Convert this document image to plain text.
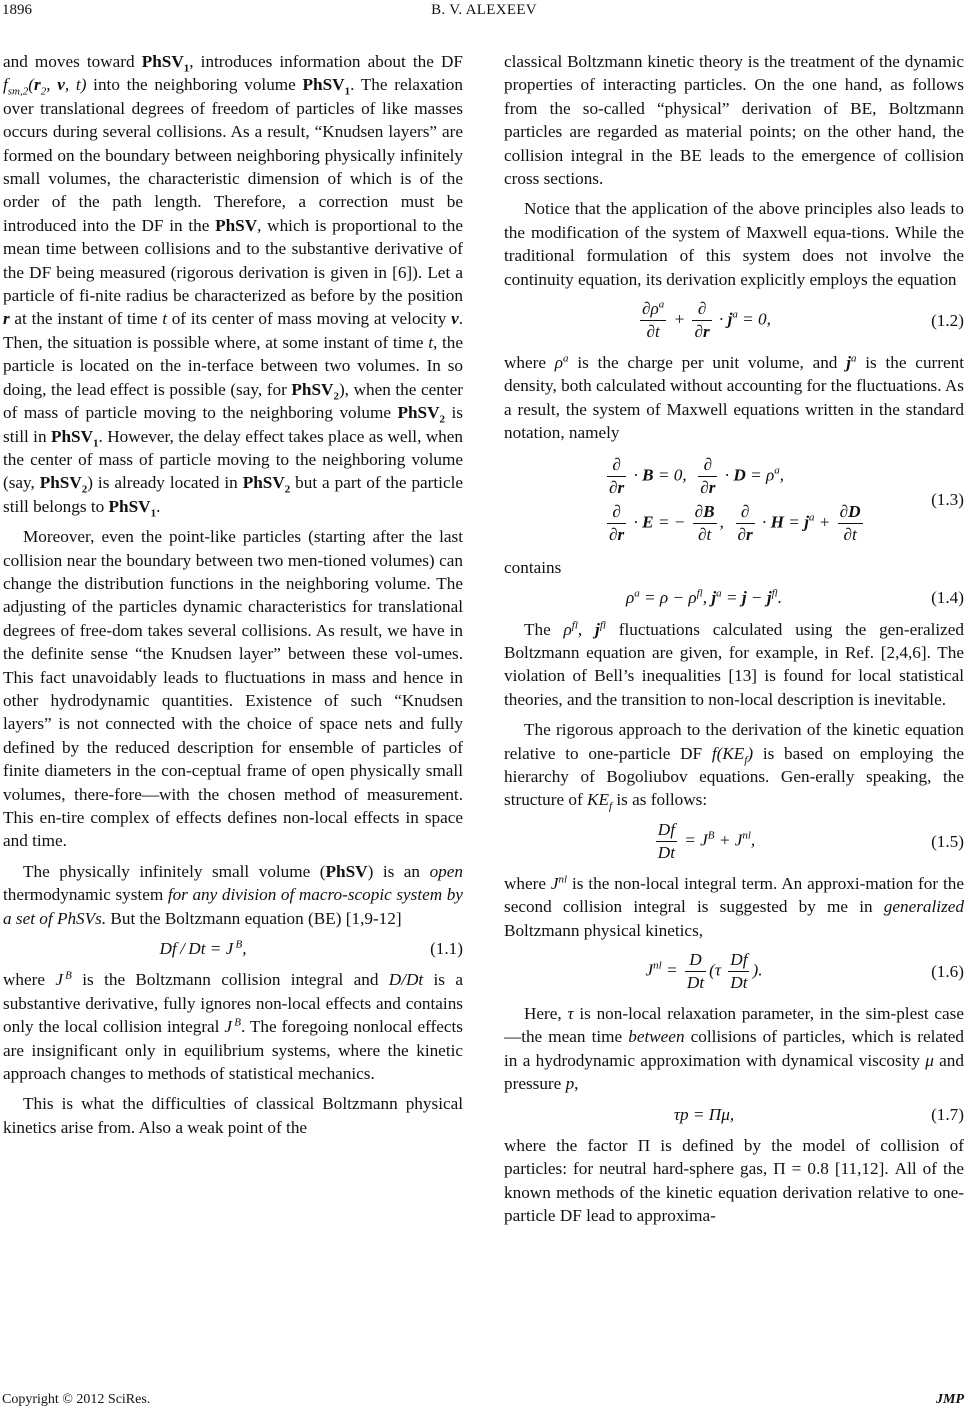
1896	B. V. ALEXEEV

and moves toward PhSV$_1$, introduces information about the DF $f_{sm,2}(r_2$, v, t) into the neighboring volume PhSV$_1$. The relaxation over translational degrees of freedom of particles of like masses occurs during several collisions. As a result, “Knudsen layers” are formed on the boundary between neighboring physically infinitely small volumes, the characteristic dimension of which is of the order of the path length. Therefore, a correction must be introduced into the DF in the PhSV, which is proportional to the mean time between collisions and to the substantive derivative of the DF being measured (rigorous derivation is given in [6]). Let a particle of fi-nite radius be characterized as before by the position r at the instant of time t of its center of mass moving at velocity v. Then, the situation is possible where, at some instant of time t, the particle is located on the in-terface between two volumes. In so doing, the lead effect is possible (say, for PhSV$_2$), when the center of mass of particle moving to the neighboring volume PhSV$_2$ is still in PhSV$_1$. However, the delay effect takes place as well, when the center of mass of particle moving to the neighboring volume (say, PhSV$_2$) is already located in PhSV$_2$ but a part of the particle still belongs to PhSV$_1$.

Moreover, even the point-like particles (starting after the last collision near the boundary between two men-tioned volumes) can change the distribution functions in the neighboring volume. The adjusting of the particles dynamic characteristics for translational degrees of free-dom takes several collisions. As result, we have in the definite sense “the Knudsen layer” between these vol-umes. This fact unavoidably leads to fluctuations in mass and hence in other hydrodynamic quantities. Existence of such “Knudsen layers” is not connected with the choice of space nets and fully defined by the reduced description for ensemble of particles of finite diameters in the con-ceptual frame of open physically small volumes, there-fore—with the chosen method of measurement. This en-tire complex of effects defines non-local effects in space and time.

The physically infinitely small volume (PhSV) is an open thermodynamic system for any division of macro-scopic system by a set of PhSVs. But the Boltzmann equation (BE) [1,9-12]

Df / Dt = J $^B$,	(1.1)

where J $^B$ is the Boltzmann collision integral and D/Dt is a substantive derivative, fully ignores non-local effects and contains only the local collision integral J $^B$. The foregoing nonlocal effects are insignificant only in equilibrium systems, where the kinetic approach changes to methods of statistical mechanics.

This is what the difficulties of classical Boltzmann physical kinetics arise from. Also a weak point of the

classical Boltzmann kinetic theory is the treatment of the dynamic properties of interacting particles. On the one hand, as follows from the so-called “physical” derivation of BE, Boltzmann particles are regarded as material points; on the other hand, the collision integral in the BE leads to the emergence of collision cross sections.

Notice that the application of the above principles also leads to the modification of the system of Maxwell equa-tions. While the traditional formulation of this system does not involve the continuity equation, its derivation explicitly employs the equation

$\frac{\partial\rho^a}{\partial t} + \frac{\partial}{\partial r} \cdot j^a = 0$,	(1.2)

where $\rho^a$ is the charge per unit volume, and $j^a$ is the current density, both calculated without accounting for the fluctuations. As a result, the system of Maxwell equations written in the standard notation, namely

$\frac{\partial}{\partial r} \cdot B = 0$, $\frac{\partial}{\partial r} \cdot D = \rho^a$,
$\frac{\partial}{\partial r} \cdot E$ = − $\frac{\partial B}{\partial t}$ , $\frac{\partial}{\partial r} \cdot H = j^a + \frac{\partial D}{\partial t}$
(1.3)

contains

$\rho^a = \rho - \rho^{fl}$, $j^a = j - j^{fl}$.	(1.4)

The $\rho^{fl}$, $j^{fl}$ fluctuations calculated using the gen-eralized Boltzmann equation are given, for example, in Ref. [2,4,6]. The violation of Bell’s inequalities [13] is found for local statistical theories, and the transition to non-local description is inevitable.

The rigorous approach to the derivation of the kinetic equation relative to one-particle DF $f(KE_f)$ is based on employing the hierarchy of Bogoliubov equations. Gen-erally speaking, the structure of $KE_f$ is as follows:

$\frac{Df}{Dt} = J^B + J^{nl}$,	(1.5)

where $J^{nl}$ is the non-local integral term. An approxi-mation for the second collision integral is suggested by me in generalized Boltzmann physical kinetics,

$J^{nl} = \frac{D}{Dt} (\tau \frac{Df}{Dt}$ ).	(1.6)

Here, τ is non-local relaxation parameter, in the sim-plest case—the mean time between collisions of particles, which is related in a hydrodynamic approximation with dynamical viscosity μ and pressure p,

τp = Πμ,	(1.7)

where the factor Π is defined by the model of collision of particles: for neutral hard-sphere gas, Π = 0.8 [11,12]. All of the known methods of the kinetic equation derivation relative to one-particle DF lead to approxima-

Copyright © 2012 SciRes.	JMP
